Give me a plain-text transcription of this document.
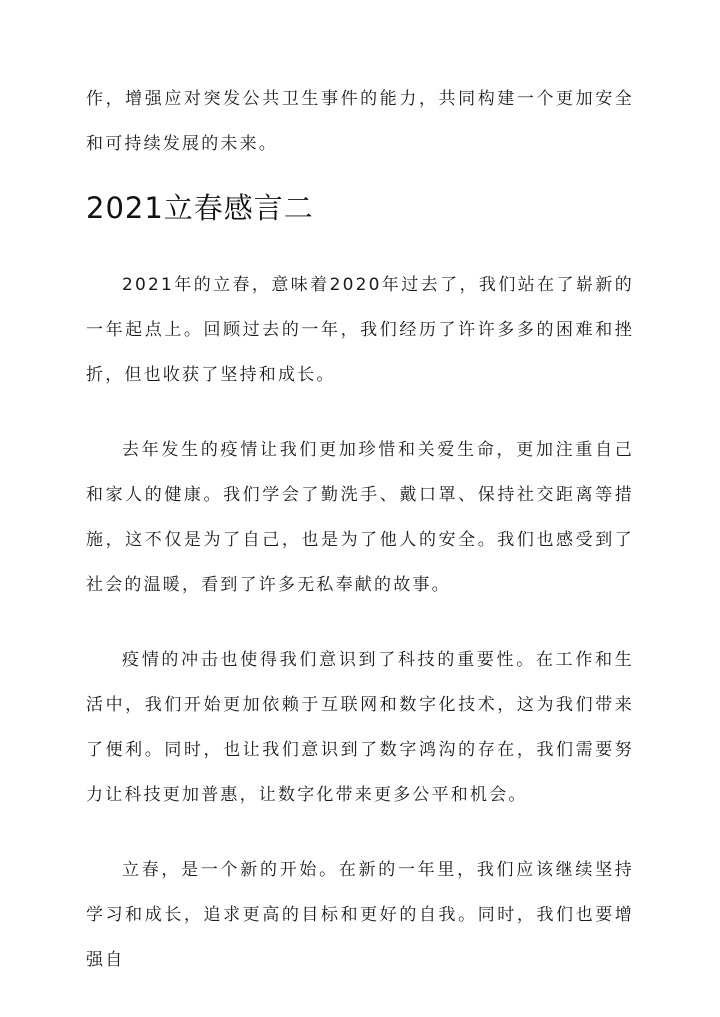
作，增强应对突发公共卫生事件的能力，共同构建一个更加安全和可持续发展的未来。

2021立春感言二

2021年的立春，意味着2020年过去了，我们站在了崭新的一年起点上。回顾过去的一年，我们经历了许许多多的困难和挫折，但也收获了坚持和成长。

去年发生的疫情让我们更加珍惜和关爱生命，更加注重自己和家人的健康。我们学会了勤洗手、戴口罩、保持社交距离等措施，这不仅是为了自己，也是为了他人的安全。我们也感受到了社会的温暖，看到了许多无私奉献的故事。

疫情的冲击也使得我们意识到了科技的重要性。在工作和生活中，我们开始更加依赖于互联网和数字化技术，这为我们带来了便利。同时，也让我们意识到了数字鸿沟的存在，我们需要努力让科技更加普惠，让数字化带来更多公平和机会。

立春，是一个新的开始。在新的一年里，我们应该继续坚持学习和成长，追求更高的目标和更好的自我。同时，我们也要增强自
